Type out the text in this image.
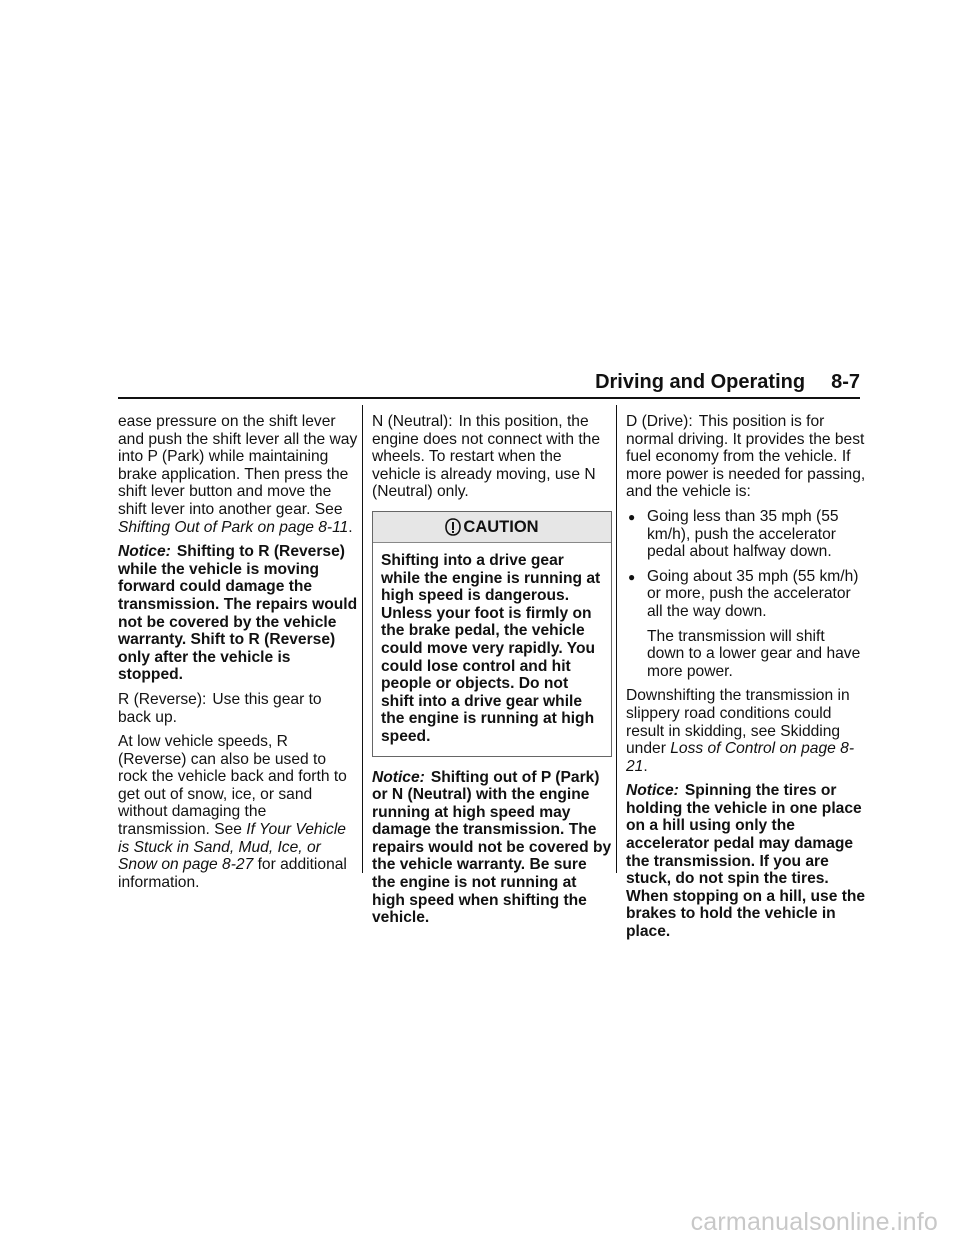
Driving and Operating 8-7

ease pressure on the shift lever and push the shift lever all the way into P (Park) while maintaining brake application. Then press the shift lever button and move the shift lever into another gear. See Shifting Out of Park on page 8-11.

Notice: Shifting to R (Reverse) while the vehicle is moving forward could damage the transmission. The repairs would not be covered by the vehicle warranty. Shift to R (Reverse) only after the vehicle is stopped.

R (Reverse): Use this gear to back up.

At low vehicle speeds, R (Reverse) can also be used to rock the vehicle back and forth to get out of snow, ice, or sand without damaging the transmission. See If Your Vehicle is Stuck in Sand, Mud, Ice, or Snow on page 8-27 for additional information.

N (Neutral): In this position, the engine does not connect with the wheels. To restart when the vehicle is already moving, use N (Neutral) only.

CAUTION
Shifting into a drive gear while the engine is running at high speed is dangerous. Unless your foot is firmly on the brake pedal, the vehicle could move very rapidly. You could lose control and hit people or objects. Do not shift into a drive gear while the engine is running at high speed.

Notice: Shifting out of P (Park) or N (Neutral) with the engine running at high speed may damage the transmission. The repairs would not be covered by the vehicle warranty. Be sure the engine is not running at high speed when shifting the vehicle.

D (Drive): This position is for normal driving. It provides the best fuel economy from the vehicle. If more power is needed for passing, and the vehicle is:

● Going less than 35 mph (55 km/h), push the accelerator pedal about halfway down.
● Going about 35 mph (55 km/h) or more, push the accelerator all the way down.

The transmission will shift down to a lower gear and have more power.

Downshifting the transmission in slippery road conditions could result in skidding, see Skidding under Loss of Control on page 8-21.

Notice: Spinning the tires or holding the vehicle in one place on a hill using only the accelerator pedal may damage the transmission. If you are stuck, do not spin the tires. When stopping on a hill, use the brakes to hold the vehicle in place.

carmanualsonline.info
